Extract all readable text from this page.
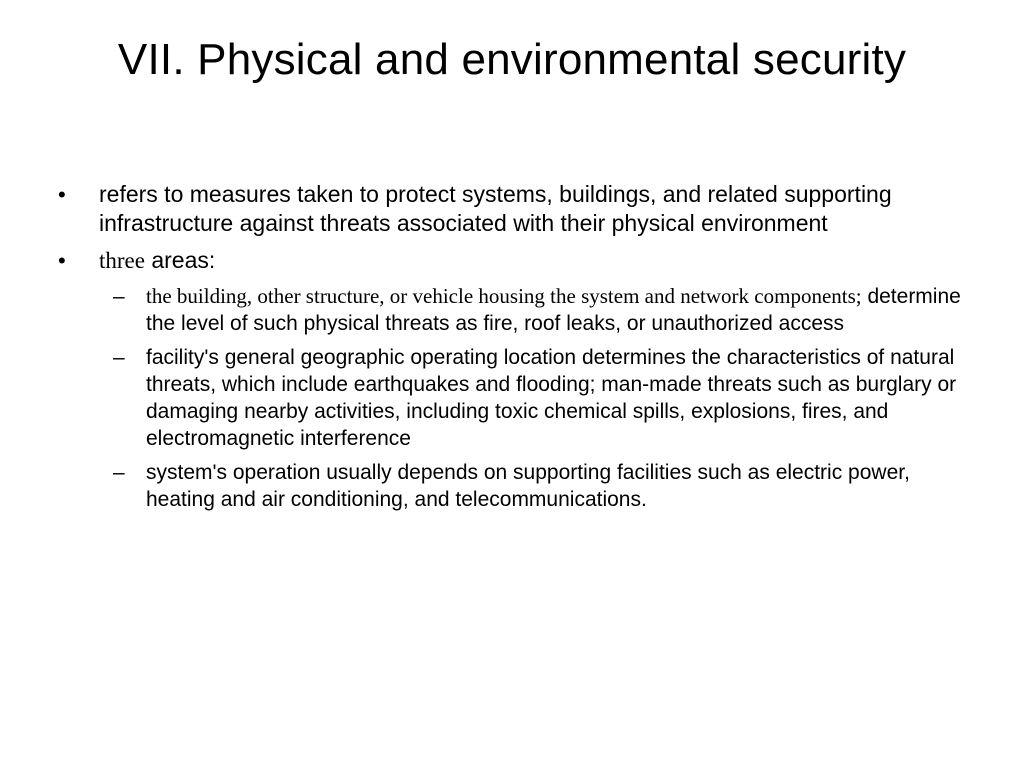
VII. Physical and environmental security
• refers to measures taken to protect systems, buildings, and related supporting infrastructure against threats associated with their physical environment
• three areas:
– the building, other structure, or vehicle housing the system and network components; determine the level of such physical threats as fire, roof leaks, or unauthorized access
– facility's general geographic operating location determines the characteristics of natural threats, which include earthquakes and flooding; man-made threats such as burglary or damaging nearby activities, including toxic chemical spills, explosions, fires, and electromagnetic interference
– system's operation usually depends on supporting facilities such as electric power, heating and air conditioning, and telecommunications.
